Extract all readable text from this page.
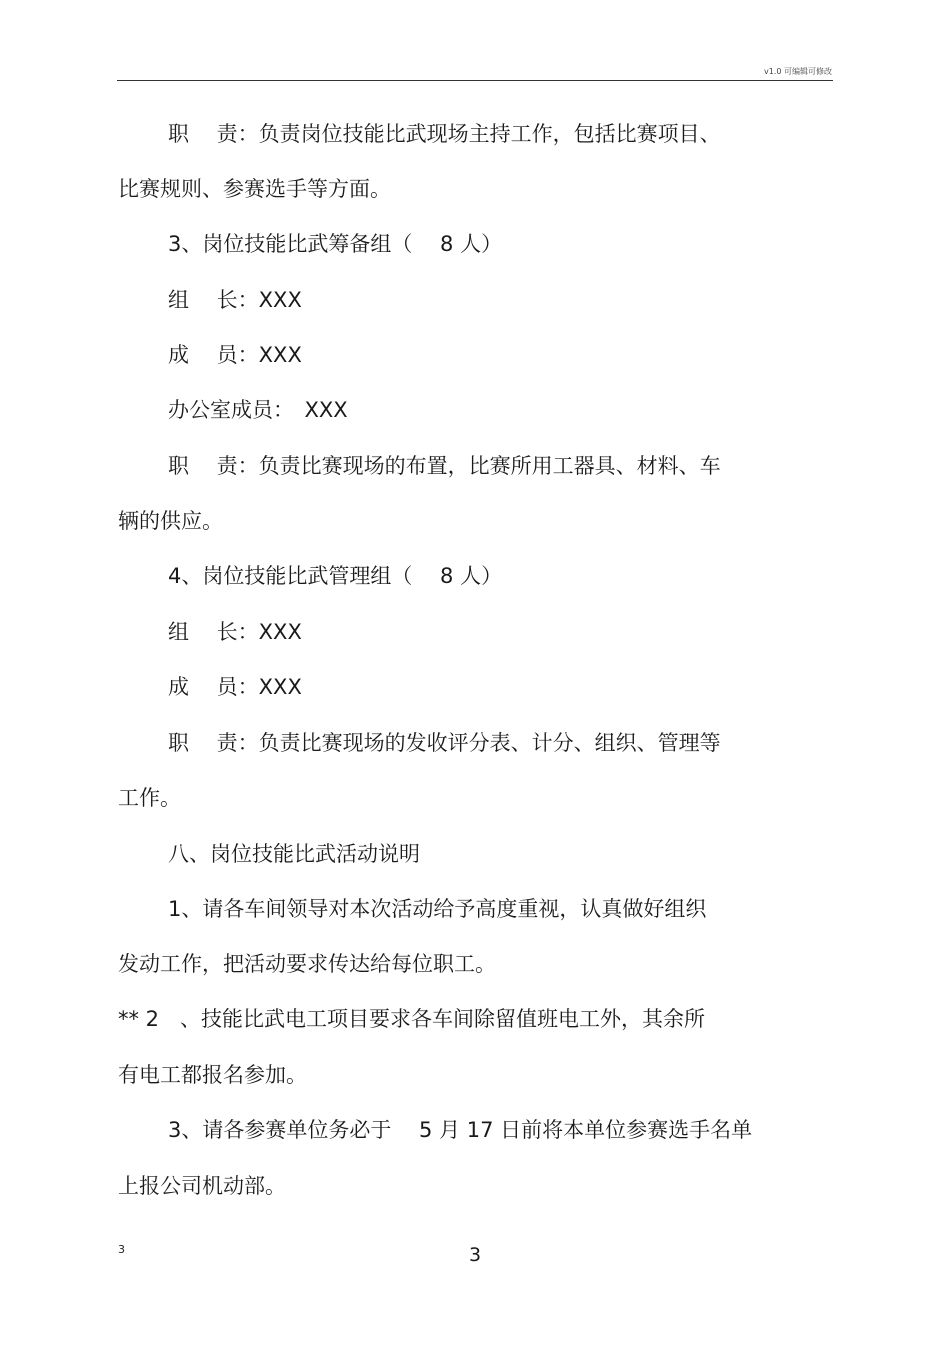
v1.0 可编辑可修改
职　 责：负责岗位技能比武现场主持工作，包括比赛项目、
比赛规则、参赛选手等方面。
3、岗位技能比武筹备组（　 8 人）
组　 长：XXX
成　 员：XXX
办公室成员：　XXX
职　 责：负责比赛现场的布置，比赛所用工器具、材料、车
辆的供应。
4、岗位技能比武管理组（　 8 人）
组　 长：XXX
成　 员：XXX
职　 责：负责比赛现场的发收评分表、计分、组织、管理等
工作。
八、岗位技能比武活动说明
1、请各车间领导对本次活动给予高度重视，认真做好组织
发动工作，把活动要求传达给每位职工。
** 2　、技能比武电工项目要求各车间除留值班电工外，其余所
有电工都报名参加。
3、请各参赛单位务必于　 5 月 17 日前将本单位参赛选手名单
上报公司机动部。
3	3
